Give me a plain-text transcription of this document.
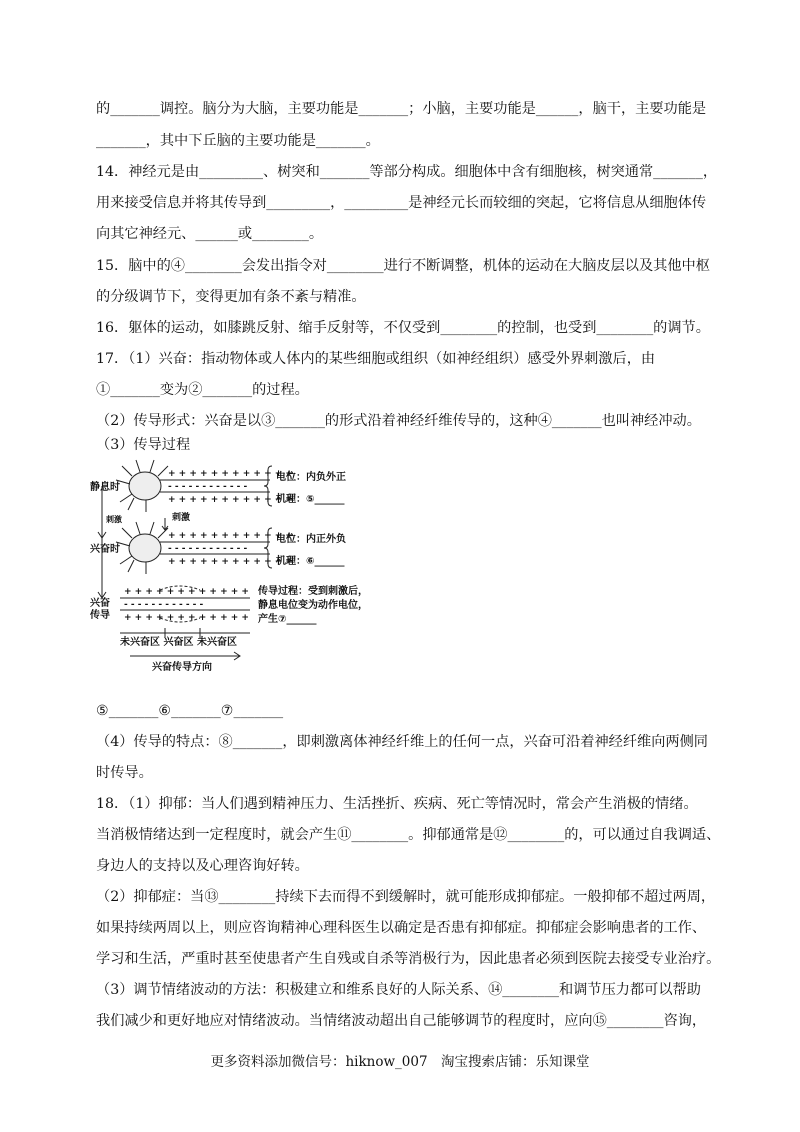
的_______调控。脑分为大脑，主要功能是_______；小脑，主要功能是______，脑干，主要功能是
_______，其中下丘脑的主要功能是_______。
14．神经元是由_________、树突和_______等部分构成。细胞体中含有细胞核，树突通常_______，
用来接受信息并将其传导到_________，_________是神经元长而较细的突起，它将信息从细胞体传
向其它神经元、______或________。
15．脑中的④________会发出指令对________进行不断调整，机体的运动在大脑皮层以及其他中枢
的分级调节下，变得更加有条不紊与精准。
16．躯体的运动，如膝跳反射、缩手反射等，不仅受到________的控制，也受到________的调节。
17．（1）兴奋：指动物体或人体内的某些细胞或组织（如神经组织）感受外界刺激后，由
①_______变为②_______的过程。
（2）传导形式：兴奋是以③_______的形式沿着神经纤维传导的，这种④_______也叫神经冲动。
（3）传导过程
+ + + + + + + + + + + +
- - - - - - - - - - - -
+ + + + + + + + + + + +
+ + + + + + + + + + + +
- - - - - - - - - - - -
+ + + + + + + + + + + +
+ + + + + + + + + + + +
- - - - - - - - - - - -
+ + + + + + + + + + + +
静息时
刺激	刺激
兴奋时
兴奋
传导
电位：内负外正
机理：⑤______
电位：内正外负
机理：⑥______
传导过程：受到刺激后，
静息电位变为动作电位，
产生⑦______
未兴奋区 兴奋区 未兴奋区
兴奋传导方向
⑤_______⑥_______⑦_______
（4）传导的特点：⑧_______，即刺激离体神经纤维上的任何一点，兴奋可沿着神经纤维向两侧同
时传导。
18．（1）抑郁：当人们遇到精神压力、生活挫折、疾病、死亡等情况时，常会产生消极的情绪。
当消极情绪达到一定程度时，就会产生⑪________。抑郁通常是⑫________的，可以通过自我调适、
身边人的支持以及心理咨询好转。
（2）抑郁症：当⑬________持续下去而得不到缓解时，就可能形成抑郁症。一般抑郁不超过两周，
如果持续两周以上，则应咨询精神心理科医生以确定是否患有抑郁症。抑郁症会影响患者的工作、
学习和生活，严重时甚至使患者产生自残或自杀等消极行为，因此患者必须到医院去接受专业治疗。
（3）调节情绪波动的方法：积极建立和维系良好的人际关系、⑭________和调节压力都可以帮助
我们减少和更好地应对情绪波动。当情绪波动超出自己能够调节的程度时，应向⑮________咨询，
更多资料添加微信号：hiknow_007　淘宝搜索店铺：乐知课堂
